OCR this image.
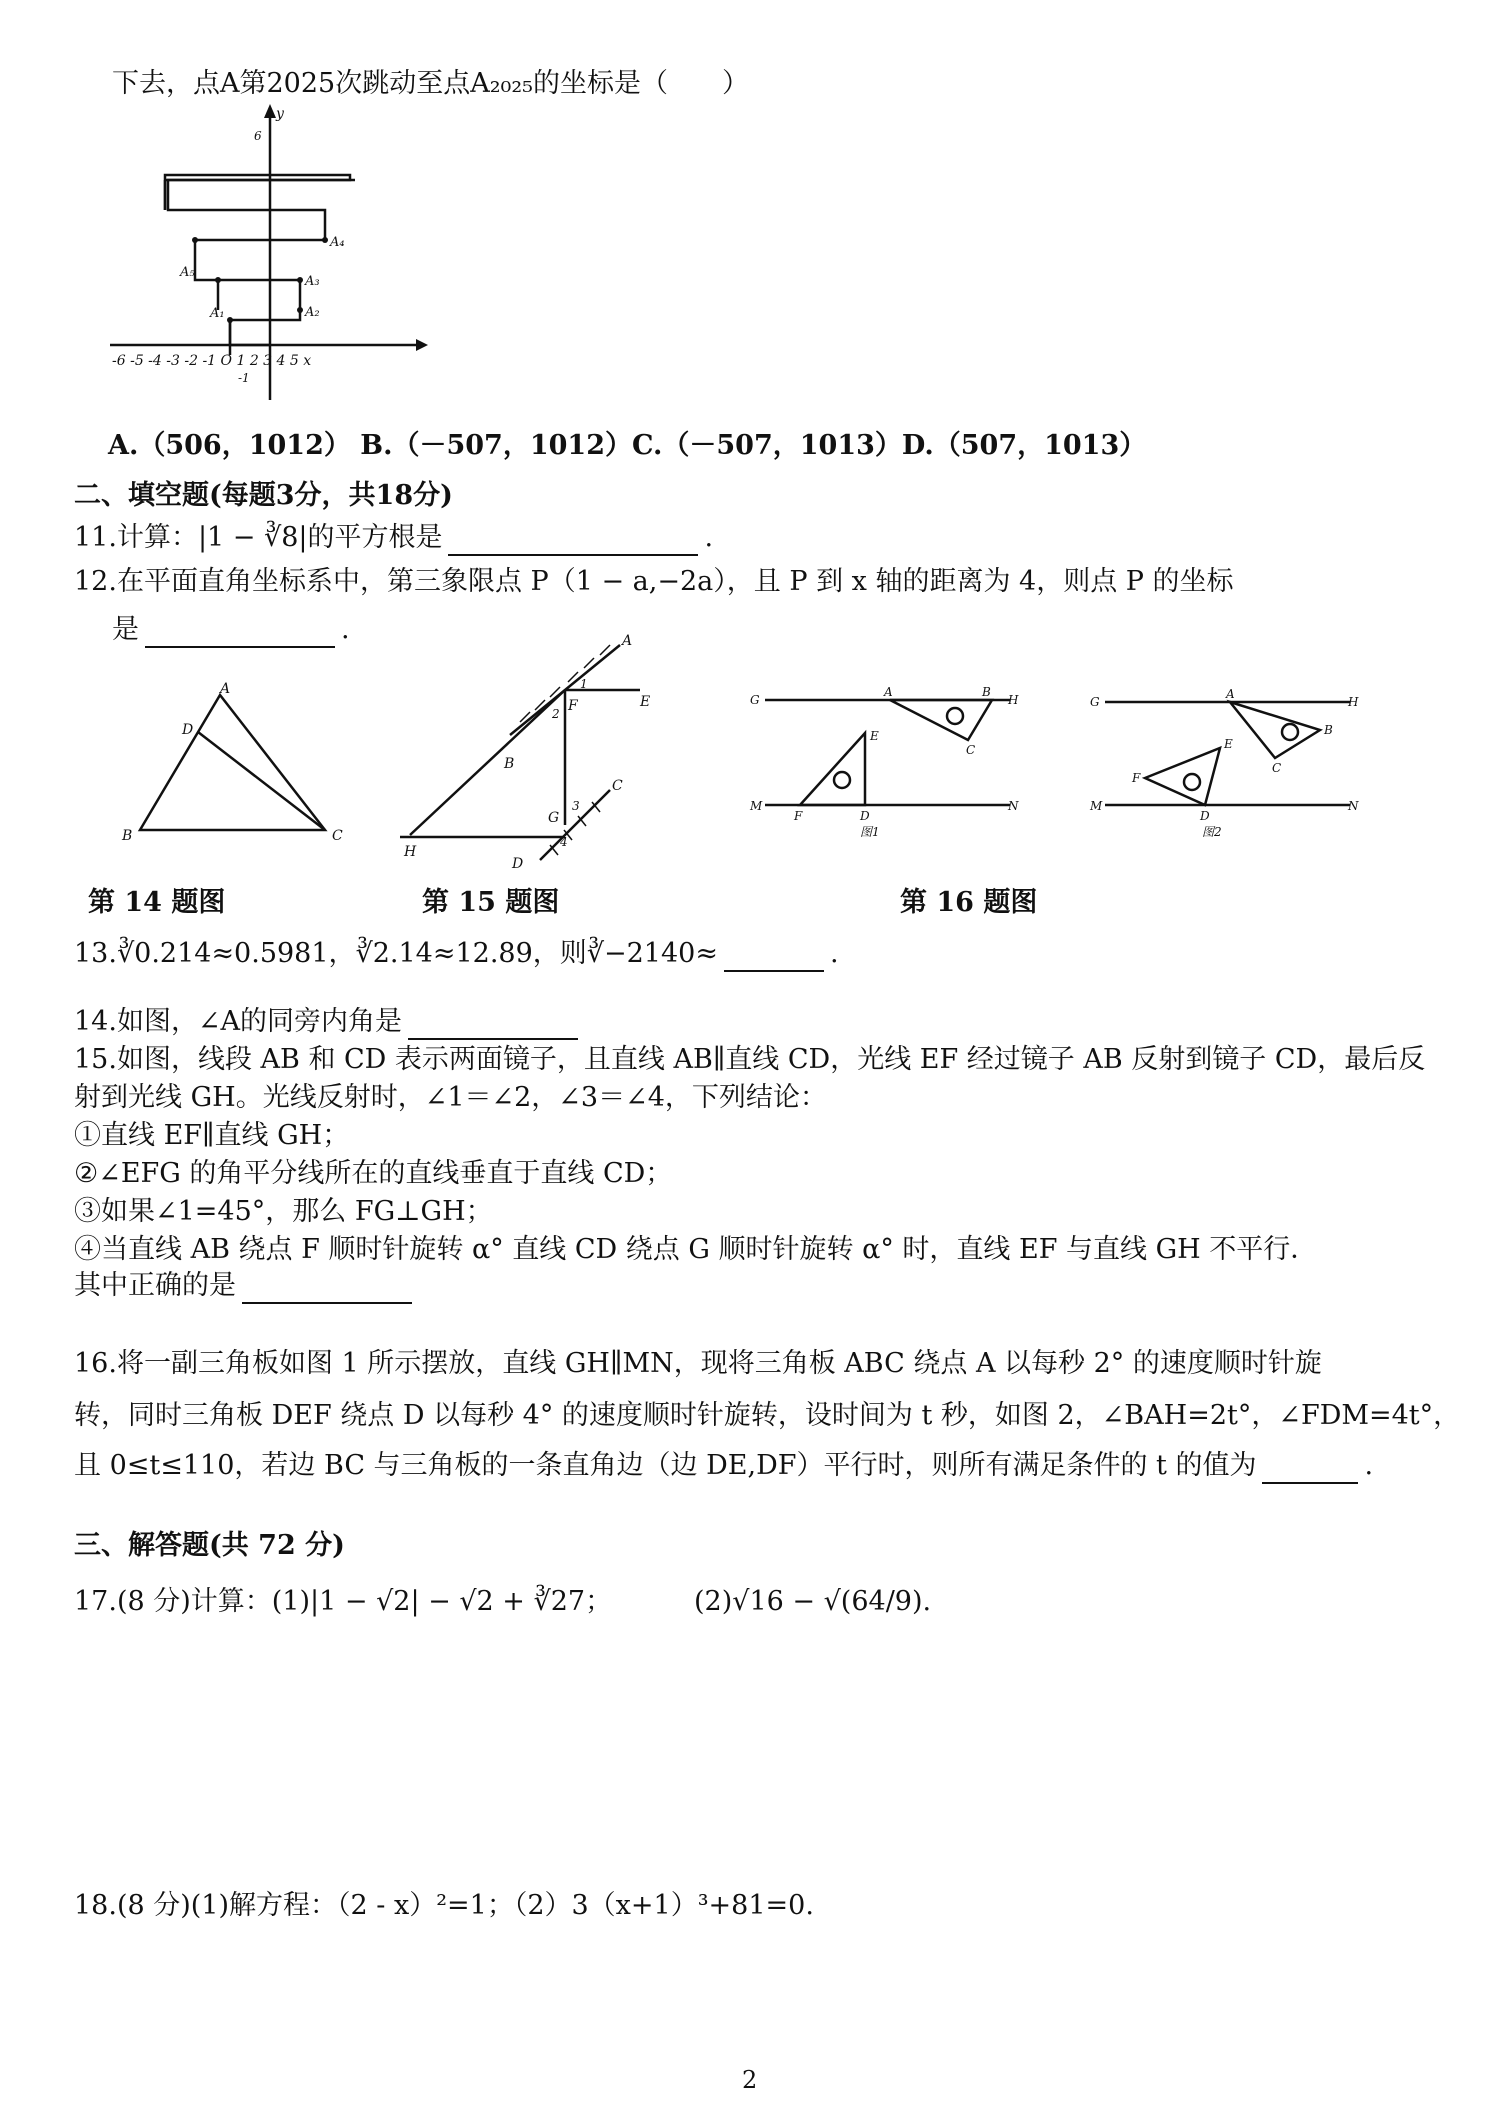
下去，点A第2025次跳动至点A₂₀₂₅的坐标是（　　）
y
6
A₄
A₃
A₂
A₁
A₅
-6 -5 -4 -3 -2 -1 O 1 2 3 4 5 x
-1
A.（506，1012） B.（－507，1012）C.（－507，1013）D.（507，1013）
二、填空题(每题3分，共18分)
11.计算：|1 − ∛8|的平方根是	.
12.在平面直角坐标系中，第三象限点 P（1 − a,−2a），且 P 到 x 轴的距离为 4，则点 P 的坐标
是	.
A
D
B	C
A
E
F
1
2
B
G
3
4
C
H
D
G
A	B
H
C
E
M
F	D
N
图1
G
A
H
B
C
E
F
M
D
N
图2
第 14 题图	第 15 题图	第 16 题图
13.∛0.214≈0.5981，∛2.14≈12.89，则∛−2140≈	.
14.如图，∠A的同旁内角是
15.如图，线段 AB 和 CD 表示两面镜子，且直线 AB∥直线 CD，光线 EF 经过镜子 AB 反射到镜子 CD，最后反
射到光线 GH。光线反射时，∠1＝∠2，∠3＝∠4，下列结论：
①直线 EF∥直线 GH；
②∠EFG 的角平分线所在的直线垂直于直线 CD；
③如果∠1=45°，那么 FG⊥GH；
④当直线 AB 绕点 F 顺时针旋转 α° 直线 CD 绕点 G 顺时针旋转 α° 时，直线 EF 与直线 GH 不平行．
其中正确的是
16.将一副三角板如图 1 所示摆放，直线 GH∥MN，现将三角板 ABC 绕点 A 以每秒 2° 的速度顺时针旋
转，同时三角板 DEF 绕点 D 以每秒 4° 的速度顺时针旋转，设时间为 t 秒，如图 2，∠BAH=2t°，∠FDM=4t°，
且 0≤t≤110，若边 BC 与三角板的一条直角边（边 DE,DF）平行时，则所有满足条件的 t 的值为	.
三、解答题(共 72 分)
17.(8 分)计算：(1)|1 − √2| − √2 + ∛27；	(2)√16 − √(64/9).
18.(8 分)(1)解方程：（2 - x）²=1；（2）3（x+1）³+81=0.
2
